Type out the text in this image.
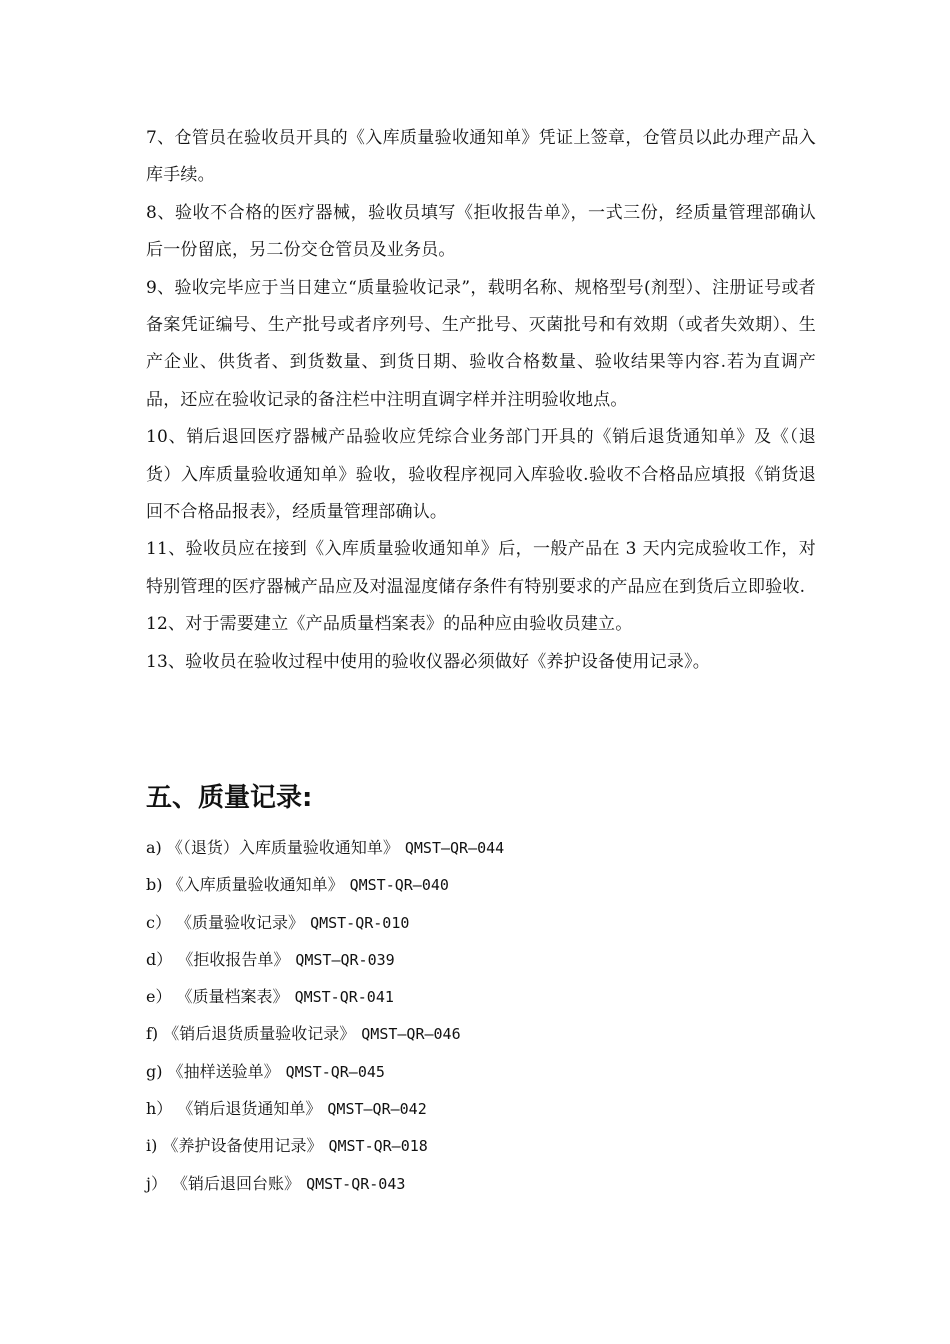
7、仓管员在验收员开具的《入库质量验收通知单》凭证上签章，仓管员以此办理产品入库手续。

8、验收不合格的医疗器械，验收员填写《拒收报告单》，一式三份，经质量管理部确认后一份留底，另二份交仓管员及业务员。

9、验收完毕应于当日建立“质量验收记录”，载明名称、规格型号(剂型）、注册证号或者备案凭证编号、生产批号或者序列号、生产批号、灭菌批号和有效期（或者失效期）、生产企业、供货者、到货数量、到货日期、验收合格数量、验收结果等内容.若为直调产品，还应在验收记录的备注栏中注明直调字样并注明验收地点。

10、销后退回医疗器械产品验收应凭综合业务部门开具的《销后退货通知单》及《（退货）入库质量验收通知单》验收，验收程序视同入库验收.验收不合格品应填报《销货退回不合格品报表》，经质量管理部确认。

11、验收员应在接到《入库质量验收通知单》后，一般产品在 3 天内完成验收工作，对特别管理的医疗器械产品应及对温湿度储存条件有特别要求的产品应在到货后立即验收.

12、对于需要建立《产品质量档案表》的品种应由验收员建立。

13、验收员在验收过程中使用的验收仪器必须做好《养护设备使用记录》。

五、质量记录:
a) 《（退货）入库质量验收通知单》 QMST—QR—044
b) 《入库质量验收通知单》 QMST-QR—040
c） 《质量验收记录》 QMST-QR-010
d） 《拒收报告单》 QMST—QR-039
e） 《质量档案表》 QMST-QR-041
f) 《销后退货质量验收记录》 QMST—QR—046
g) 《抽样送验单》 QMST-QR—045
h） 《销后退货通知单》 QMST—QR—042
i) 《养护设备使用记录》 QMST-QR—018
j） 《销后退回台账》 QMST-QR-043
